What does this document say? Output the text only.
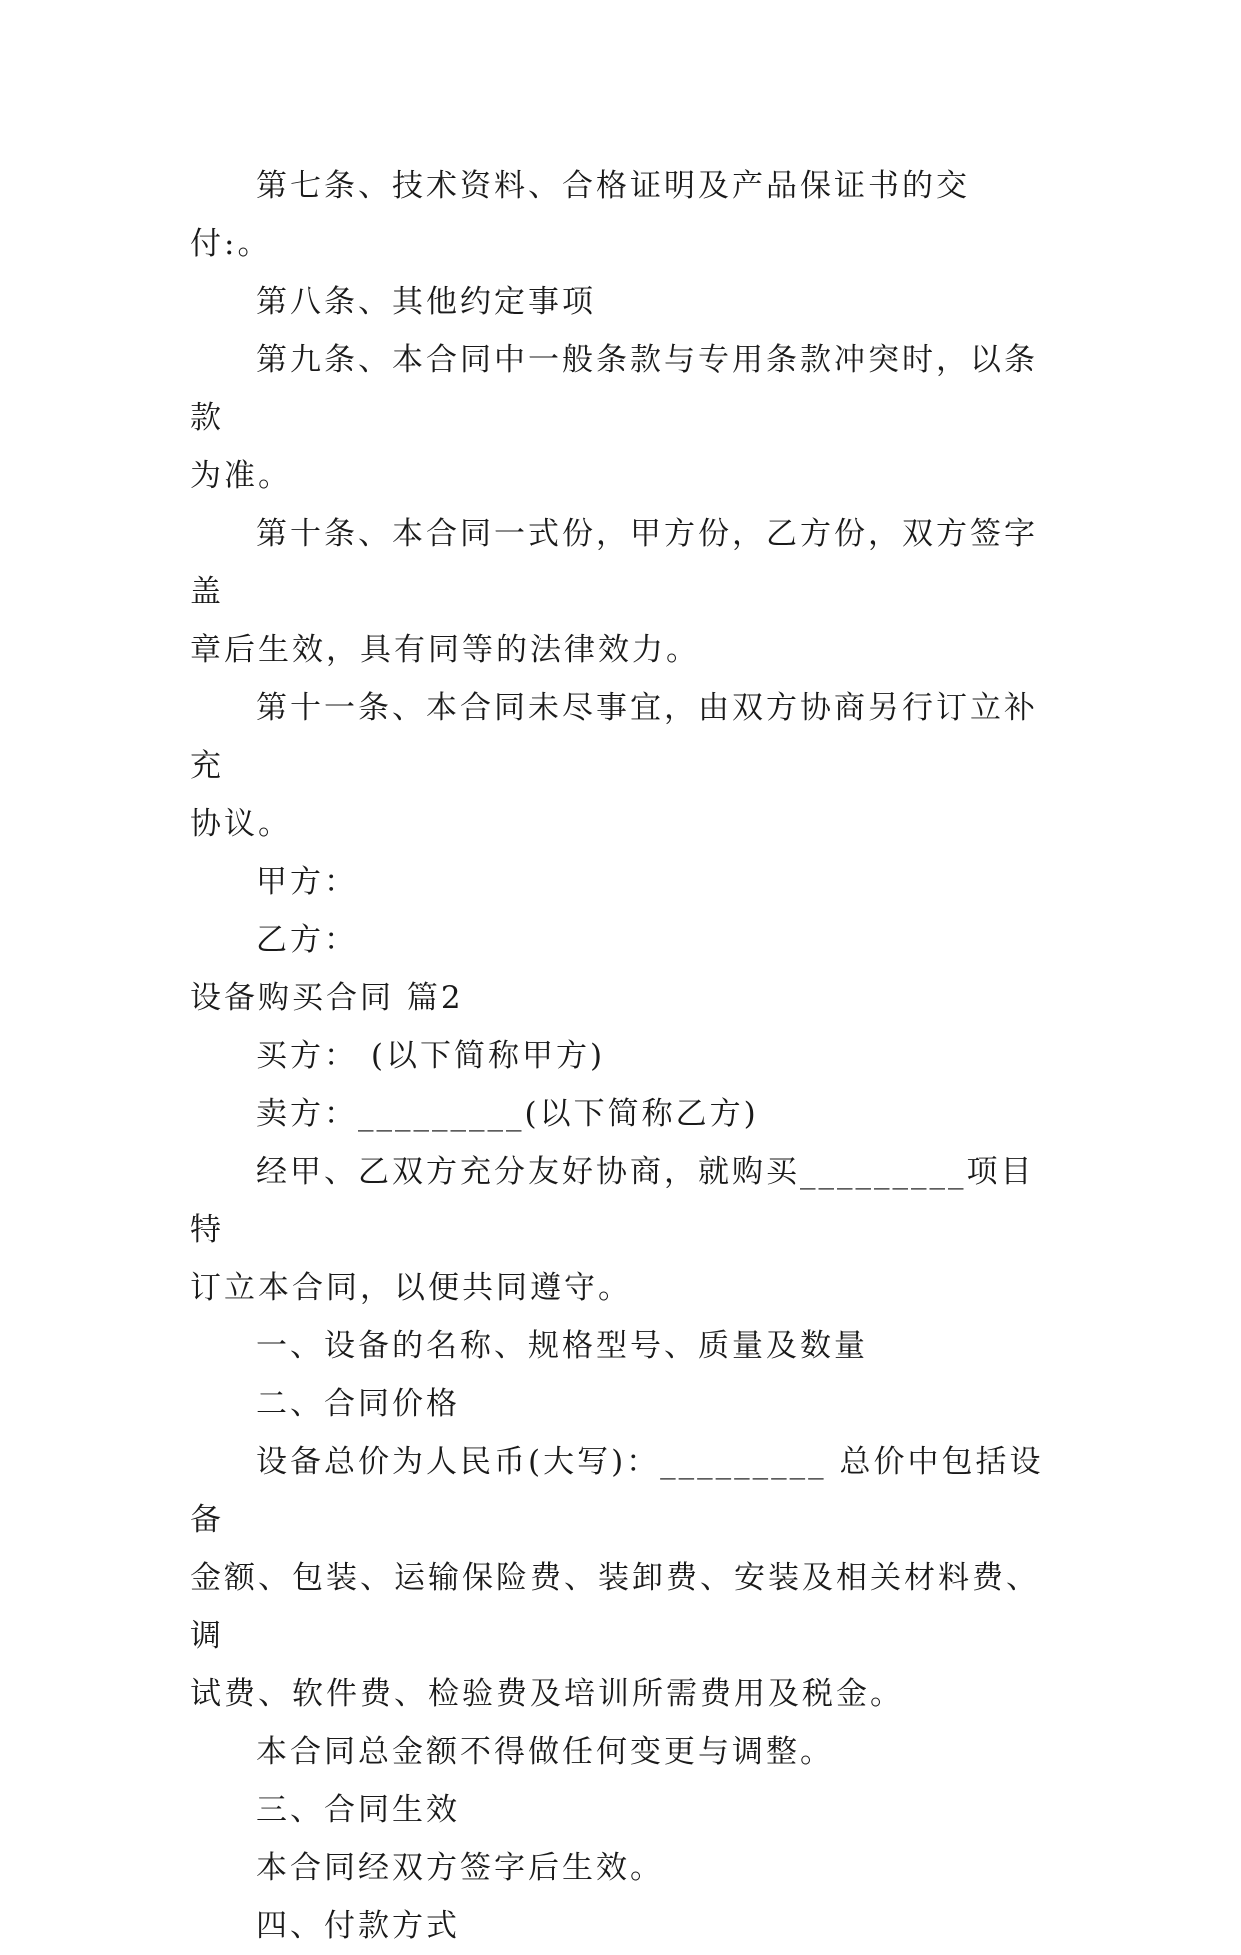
第七条、技术资料、合格证明及产品保证书的交付:。

第八条、其他约定事项

第九条、本合同中一般条款与专用条款冲突时，以条款
为准。

第十条、本合同一式份，甲方份，乙方份，双方签字盖
章后生效，具有同等的法律效力。

第十一条、本合同未尽事宜，由双方协商另行订立补充
协议。

甲方：

乙方：

设备购买合同 篇2

买方： (以下简称甲方)

卖方：_________(以下简称乙方)

经甲、乙双方充分友好协商，就购买_________项目特
订立本合同，以便共同遵守。

一、设备的名称、规格型号、质量及数量

二、合同价格

设备总价为人民币(大写)：_________ 总价中包括设备
金额、包装、运输保险费、装卸费、安装及相关材料费、调
试费、软件费、检验费及培训所需费用及税金。

本合同总金额不得做任何变更与调整。

三、合同生效

本合同经双方签字后生效。

四、付款方式
